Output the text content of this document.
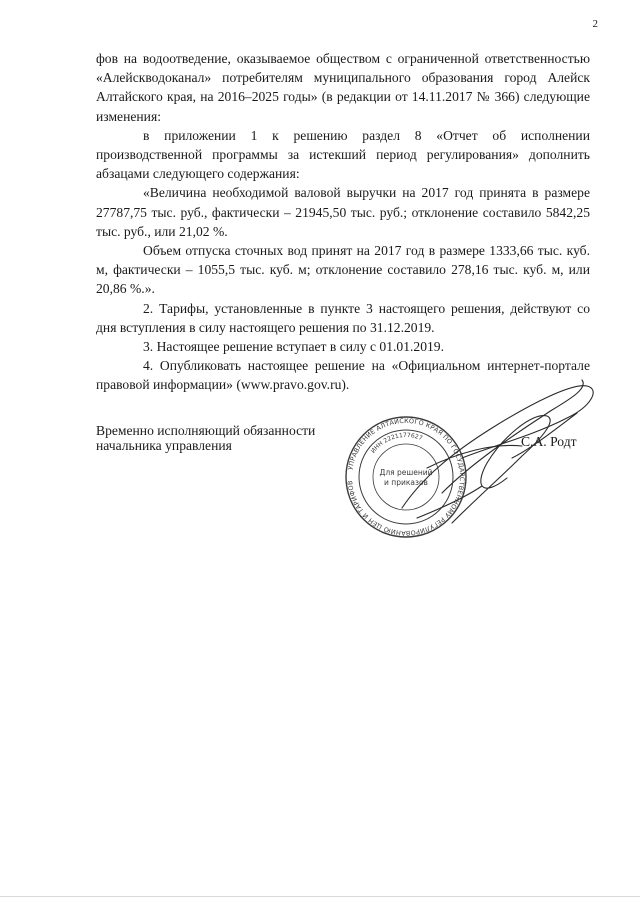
2

фов на водоотведение, оказываемое обществом с ограниченной ответственностью «Алейскводоканал» потребителям муниципального образования город Алейск Алтайского края, на 2016–2025 годы» (в редакции от 14.11.2017 № 366) следующие изменения:

в приложении 1 к решению раздел 8 «Отчет об исполнении производственной программы за истекший период регулирования» дополнить абзацами следующего содержания:

«Величина необходимой валовой выручки на 2017 год принята в размере 27787,75 тыс. руб., фактически – 21945,50 тыс. руб.; отклонение составило 5842,25 тыс. руб., или 21,02 %.

Объем отпуска сточных вод принят на 2017 год в размере 1333,66 тыс. куб. м, фактически – 1055,5 тыс. куб. м; отклонение составило 278,16 тыс. куб. м, или 20,86 %.».

2. Тарифы, установленные в пункте 3 настоящего решения, действуют со дня вступления в силу настоящего решения по 31.12.2019.

3. Настоящее решение вступает в силу с 01.01.2019.

4. Опубликовать настоящее решение на «Официальном интернет-портале правовой информации» (www.pravo.gov.ru).

Временно исполняющий обязанности
начальника управления	С.А. Родт
УПРАВЛЕНИЕ АЛТАЙСКОГО КРАЯ ПО ГОСУДАРСТВЕННОМУ РЕГУЛИРОВАНИЮ ЦЕН И ТАРИФОВ
ИНН 2221177627
Для решений
и приказов
